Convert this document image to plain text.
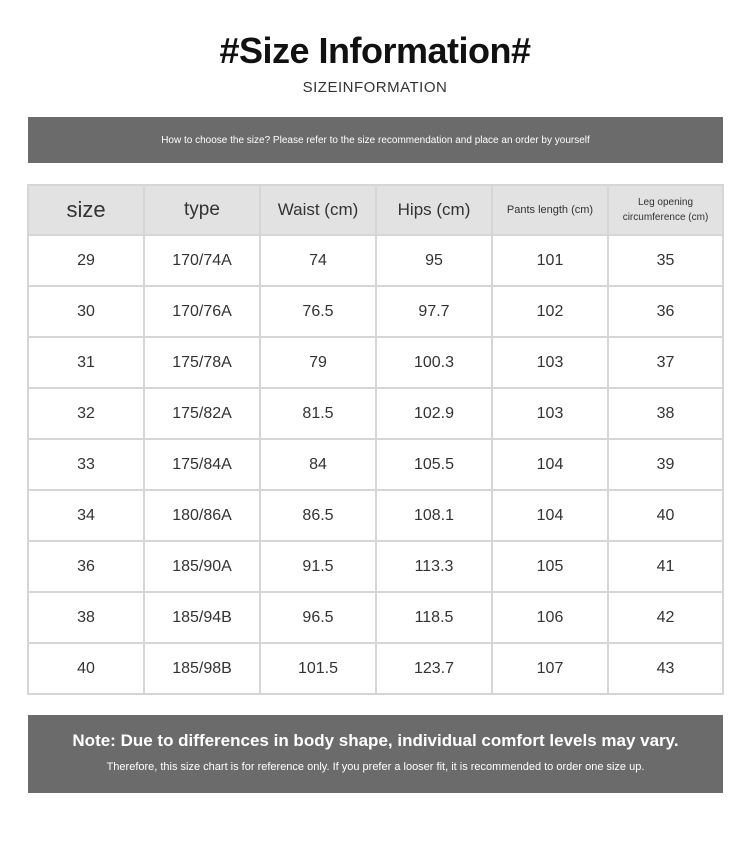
#Size Information#
SIZEINFORMATION
How to choose the size? Please refer to the size recommendation and place an order by yourself
size	type	Waist (cm)	Hips (cm)	Pants length (cm)	Leg opening circumference (cm)
29	170/74A	74	95	101	35
30	170/76A	76.5	97.7	102	36
31	175/78A	79	100.3	103	37
32	175/82A	81.5	102.9	103	38
33	175/84A	84	105.5	104	39
34	180/86A	86.5	108.1	104	40
36	185/90A	91.5	113.3	105	41
38	185/94B	96.5	118.5	106	42
40	185/98B	101.5	123.7	107	43
Note: Due to differences in body shape, individual comfort levels may vary.
Therefore, this size chart is for reference only. If you prefer a looser fit, it is recommended to order one size up.
